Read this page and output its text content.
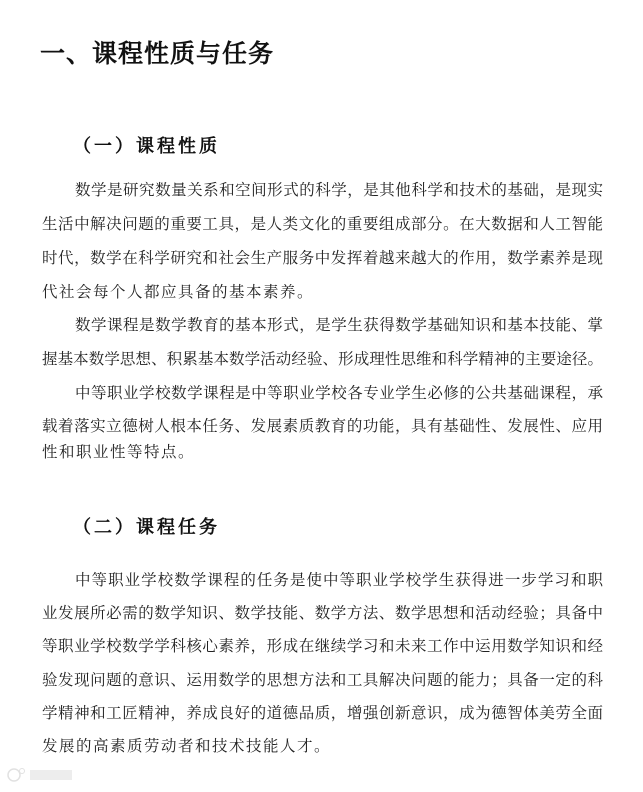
一、课程性质与任务
（一）课程性质
数学是研究数量关系和空间形式的科学，是其他科学和技术的基础，是现实
生活中解决问题的重要工具，是人类文化的重要组成部分。在大数据和人工智能
时代，数学在科学研究和社会生产服务中发挥着越来越大的作用，数学素养是现
代社会每个人都应具备的基本素养。
数学课程是数学教育的基本形式，是学生获得数学基础知识和基本技能、掌
握基本数学思想、积累基本数学活动经验、形成理性思维和科学精神的主要途径。
中等职业学校数学课程是中等职业学校各专业学生必修的公共基础课程，承
载着落实立德树人根本任务、发展素质教育的功能，具有基础性、发展性、应用
性和职业性等特点。
（二）课程任务
中等职业学校数学课程的任务是使中等职业学校学生获得进一步学习和职
业发展所必需的数学知识、数学技能、数学方法、数学思想和活动经验；具备中
等职业学校数学学科核心素养，形成在继续学习和未来工作中运用数学知识和经
验发现问题的意识、运用数学的思想方法和工具解决问题的能力；具备一定的科
学精神和工匠精神，养成良好的道德品质，增强创新意识，成为德智体美劳全面
发展的高素质劳动者和技术技能人才。
